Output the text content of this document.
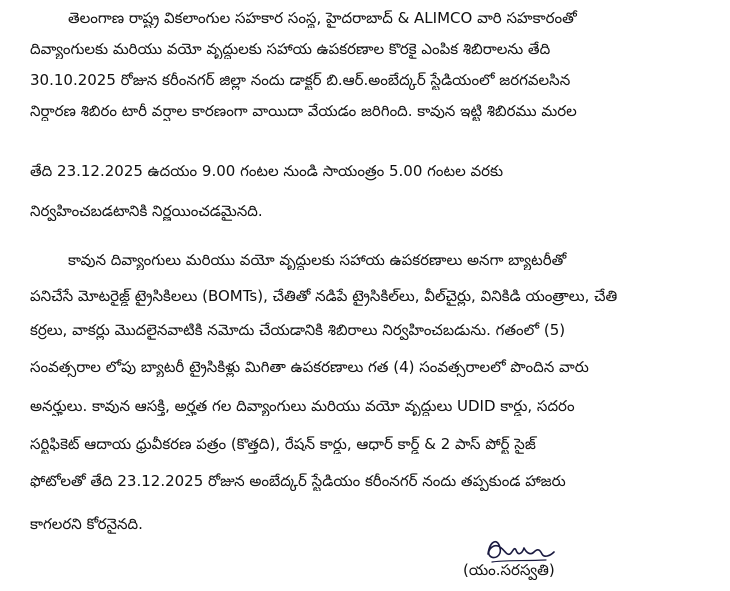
తెలంగాణ రాష్ట్ర వికలాంగుల సహకార సంస్థ, హైదరాబాద్ & ALIMCO వారి సహకారంతో
దివ్యాంగులకు మరియు వయో వృద్దులకు సహాయ ఉపకరణాల కొరకై ఎంపిక శిబిరాలను తేది
30.10.2025 రోజున కరీంనగర్ జిల్లా నందు డాక్టర్ బి.ఆర్.అంబేద్కర్ స్టేడియంలో జరగవలసిన
నిర్ధారణ శిబిరం టారీ వర్షాల కారణంగా వాయిదా వేయడం జరిగింది. కావున ఇట్టి శిబిరము మరల
తేది 23.12.2025 ఉదయం 9.00 గంటల నుండి సాయంత్రం 5.00 గంటల వరకు
నిర్వహించబడటానికి నిర్ణయించడమైనది.
కావున దివ్యాంగులు మరియు వయో వృద్దులకు సహాయ ఉపకరణాలు అనగా బ్యాటరీతో
పనిచేసే మోటరైజ్డ్ ట్రైసికిలలు (BOMTs), చేతితో నడిపే ట్రైసికిల్‌లు, వీల్‌చైర్లు, వినికిడి యంత్రాలు, చేతి
కర్రలు, వాకర్లు మొదలైనవాటికి నమోదు చేయడానికి శిబిరాలు నిర్వహించబడును. గతంలో (5)
సంవత్సరాల లోపు బ్యాటరీ ట్రైసికిళ్లు మిగితా ఉపకరణాలు గత (4) సంవత్సరాలలో పొందిన వారు
అనర్హులు. కావున ఆసక్తి, అర్హత గల దివ్యాంగులు మరియు వయో వృద్దులు UDID కార్డు, సదరం
సర్టిఫికెట్ ఆదాయ ధ్రువీకరణ పత్రం (కొత్తది), రేషన్ కార్డు, ఆధార్ కార్డ్ & 2 పాస్ పోర్ట్ సైజ్
ఫోటోలతో తేది 23.12.2025 రోజున అంబేద్కర్ స్టేడియం కరీంనగర్ నందు తప్పకుండ హాజరు
కాగలరని కోరనైనది.
(యం.సరస్వతి)
